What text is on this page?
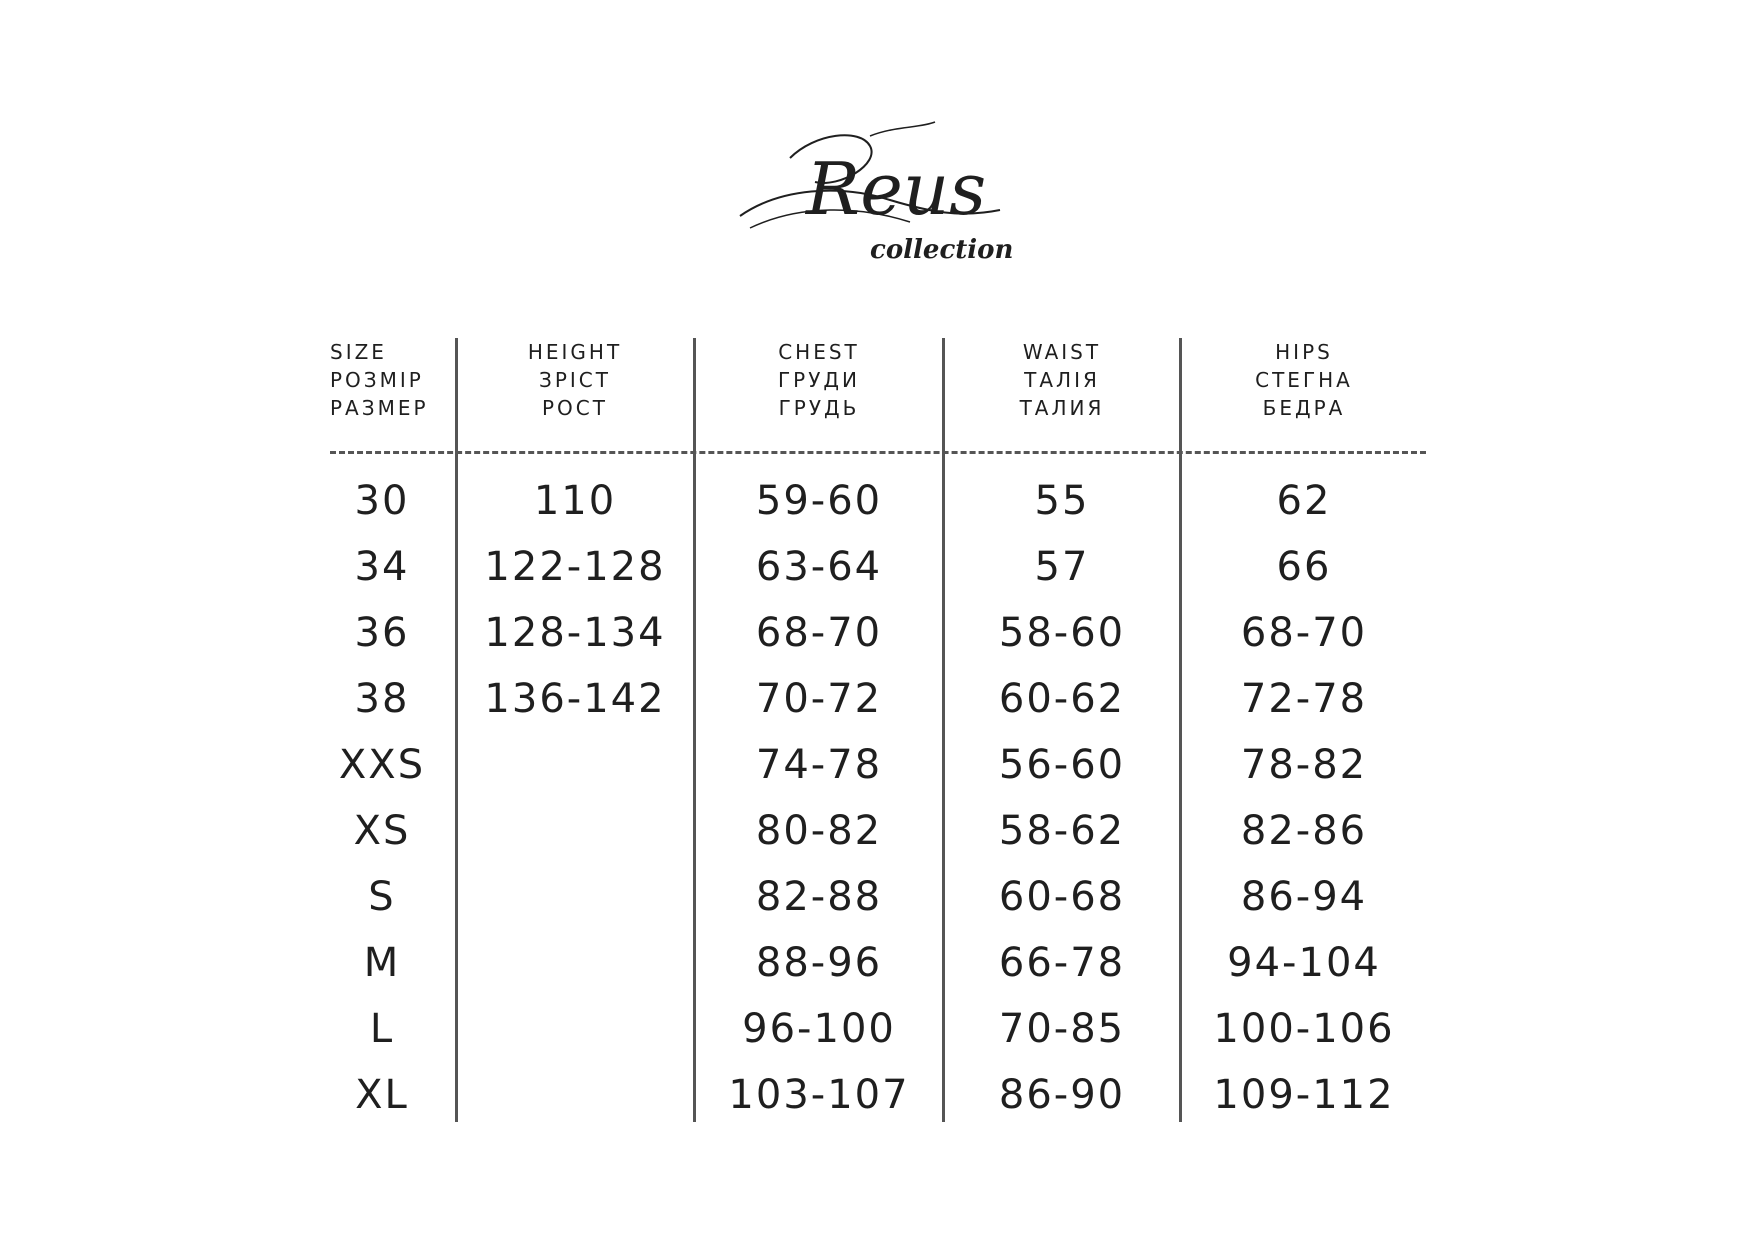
Reus
collection
SIZE
РОЗМІР
РАЗМЕР
30
34
36
38
XXS
XS
S
M
L
XL
HEIGHT
ЗРІСТ
РОСТ
110
122-128
128-134
136-142
CHEST
ГРУДИ
ГРУДЬ
59-60
63-64
68-70
70-72
74-78
80-82
82-88
88-96
96-100
103-107
WAIST
ТАЛІЯ
ТАЛИЯ
55
57
58-60
60-62
56-60
58-62
60-68
66-78
70-85
86-90
HIPS
СТЕГНА
БЕДРА
62
66
68-70
72-78
78-82
82-86
86-94
94-104
100-106
109-112
